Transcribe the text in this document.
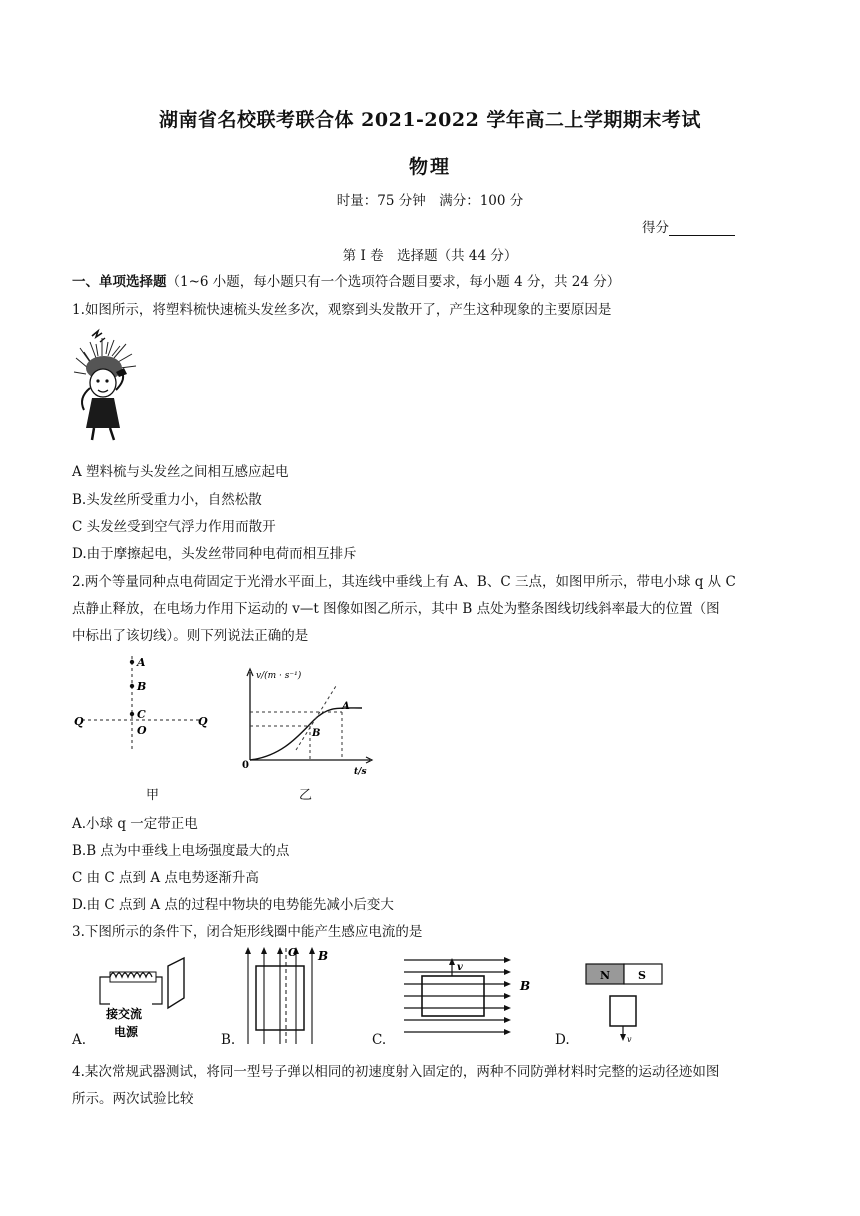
湖南省名校联考联合体 2021-2022 学年高二上学期期末考试
物理
时量：75 分钟　满分：100 分
得分
第 I 卷　选择题（共 44 分）
一、单项选择题（1~6 小题，每小题只有一个选项符合题目要求，每小题 4 分，共 24 分）
1.如图所示，将塑料梳快速梳头发丝多次，观察到头发散开了，产生这种现象的主要原因是
A 塑料梳与头发丝之间相互感应起电
B.头发丝所受重力小，自然松散
C 头发丝受到空气浮力作用而散开
D.由于摩擦起电，头发丝带同种电荷而相互排斥
2.两个等量同种点电荷固定于光滑水平面上，其连线中垂线上有 A、B、C 三点，如图甲所示，带电小球 q 从 C
点静止释放，在电场力作用下运动的 v—t 图像如图乙所示，其中 B 点处为整条图线切线斜率最大的位置（图
中标出了该切线）。则下列说法正确的是
A
B
C
O
Q	Q
甲
v/(m · s⁻¹)
t/s
0
A
B
乙
A.小球 q 一定带正电
B.B 点为中垂线上电场强度最大的点
C 由 C 点到 A 点电势逐渐升高
D.由 C 点到 A 点的过程中物块的电势能先减小后变大
3.下图所示的条件下，闭合矩形线圈中能产生感应电流的是
接交流
电源
A.
O B
B.
v
B
C.
N	S
v
D.
4.某次常规武器测试，将同一型号子弹以相同的初速度射入固定的，两种不同防弹材料时完整的运动径迹如图
所示。两次试验比较
